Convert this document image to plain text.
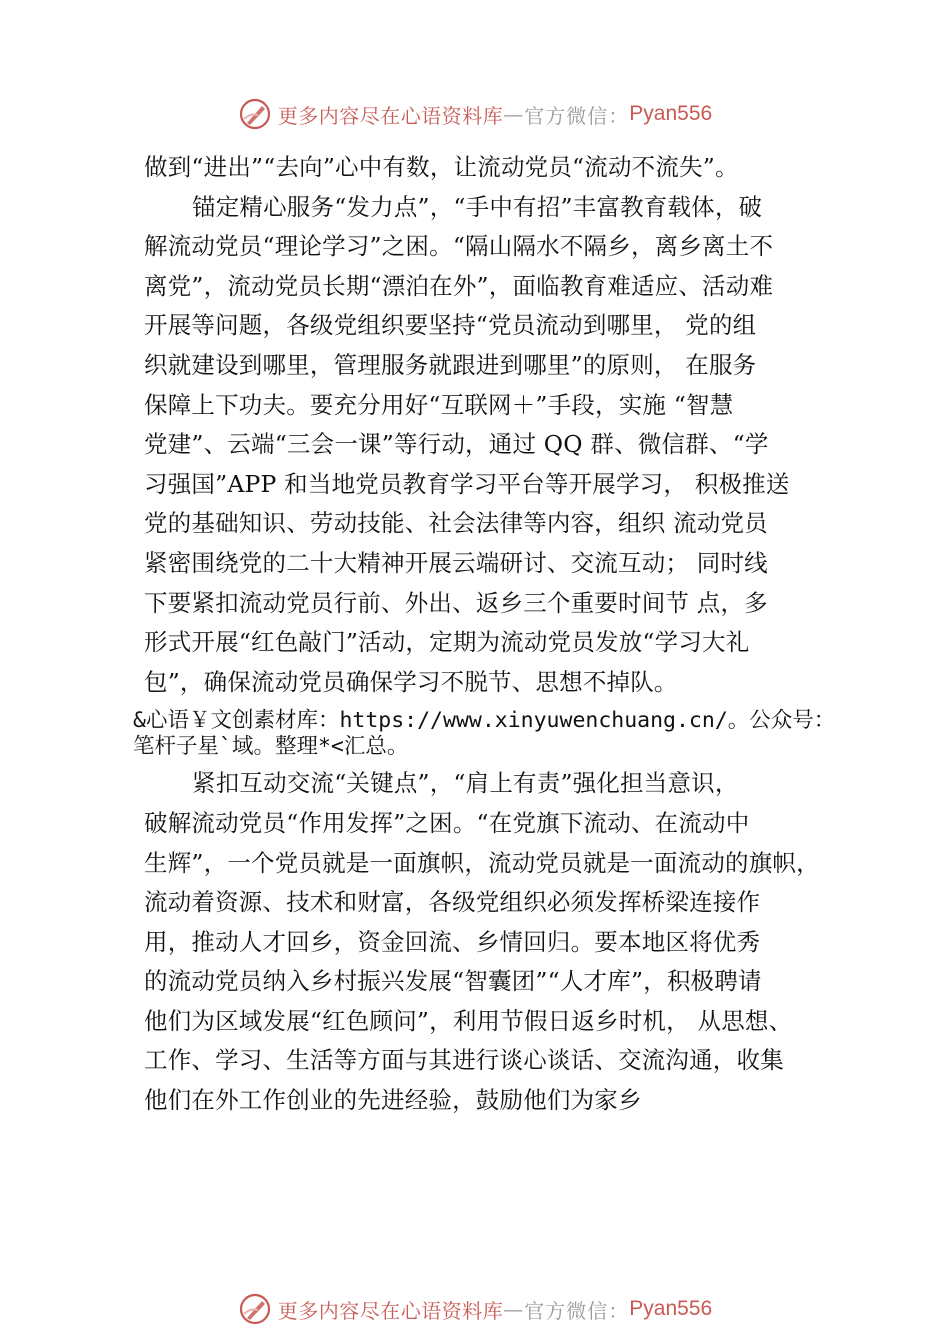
更多内容尽在心语资料库 — 官方微信： Pyan556
做到“进出”“去向”心中有数，让流动党员“流动不流失”。
锚定精心服务“发力点”，“手中有招”丰富教育载体，破
解流动党员“理论学习”之困。“隔山隔水不隔乡，离乡离土不
离党”，流动党员长期“漂泊在外”，面临教育难适应、活动难
开展等问题，各级党组织要坚持“党员流动到哪里， 党的组
织就建设到哪里，管理服务就跟进到哪里”的原则， 在服务
保障上下功夫。要充分用好“互联网＋”手段，实施 “智慧
党建”、云端“三会一课”等行动，通过 QQ 群、微信群、“学
习强国”APP 和当地党员教育学习平台等开展学习， 积极推送
党的基础知识、劳动技能、社会法律等内容，组织 流动党员
紧密围绕党的二十大精神开展云端研讨、交流互动； 同时线
下要紧扣流动党员行前、外出、返乡三个重要时间节 点，多
形式开展“红色敲门”活动，定期为流动党员发放“学习大礼
包”，确保流动党员确保学习不脱节、思想不掉队。
&心语￥文创素材库：https://www.xinyuwenchuang.cn/。公众号：笔杆子星`域。整理*<汇总。
紧扣互动交流“关键点”，“肩上有责”强化担当意识，
破解流动党员“作用发挥”之困。“在党旗下流动、在流动中
生辉”，一个党员就是一面旗帜，流动党员就是一面流动的旗帜，
流动着资源、技术和财富，各级党组织必须发挥桥梁连接作
用，推动人才回乡，资金回流、乡情回归。要本地区将优秀
的流动党员纳入乡村振兴发展“智囊团”“人才库”，积极聘请
他们为区域发展“红色顾问”，利用节假日返乡时机， 从思想、
工作、学习、生活等方面与其进行谈心谈话、交流沟通，收集
他们在外工作创业的先进经验，鼓励他们为家乡
更多内容尽在心语资料库 — 官方微信： Pyan556
